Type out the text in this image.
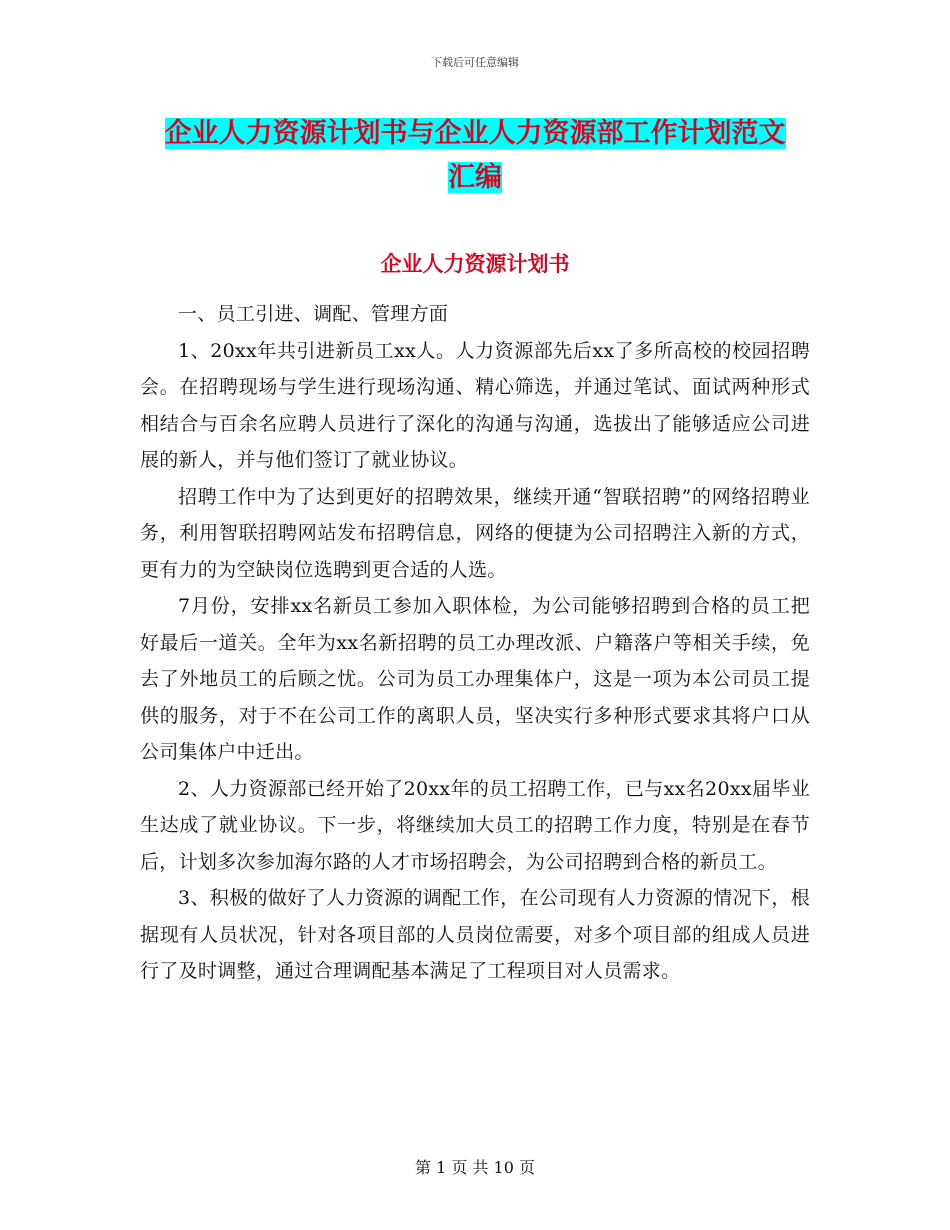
下载后可任意编辑
企业人力资源计划书与企业人力资源部工作计划范文
汇编
企业人力资源计划书

一、员工引进、调配、管理方面

1、20xx年共引进新员工xx人。人力资源部先后xx了多所高校的校园招聘会。在招聘现场与学生进行现场沟通、精心筛选，并通过笔试、面试两种形式相结合与百余名应聘人员进行了深化的沟通与沟通，选拔出了能够适应公司进展的新人，并与他们签订了就业协议。

招聘工作中为了达到更好的招聘效果，继续开通“智联招聘”的网络招聘业务，利用智联招聘网站发布招聘信息，网络的便捷为公司招聘注入新的方式，更有力的为空缺岗位选聘到更合适的人选。

7月份，安排xx名新员工参加入职体检，为公司能够招聘到合格的员工把好最后一道关。全年为xx名新招聘的员工办理改派、户籍落户等相关手续，免去了外地员工的后顾之忧。公司为员工办理集体户，这是一项为本公司员工提供的服务，对于不在公司工作的离职人员，坚决实行多种形式要求其将户口从公司集体户中迁出。

2、人力资源部已经开始了20xx年的员工招聘工作，已与xx名20xx届毕业生达成了就业协议。下一步，将继续加大员工的招聘工作力度，特别是在春节后，计划多次参加海尔路的人才市场招聘会，为公司招聘到合格的新员工。

3、积极的做好了人力资源的调配工作，在公司现有人力资源的情况下，根据现有人员状况，针对各项目部的人员岗位需要，对多个项目部的组成人员进行了及时调整，通过合理调配基本满足了工程项目对人员需求。

第 1 页 共 10 页
